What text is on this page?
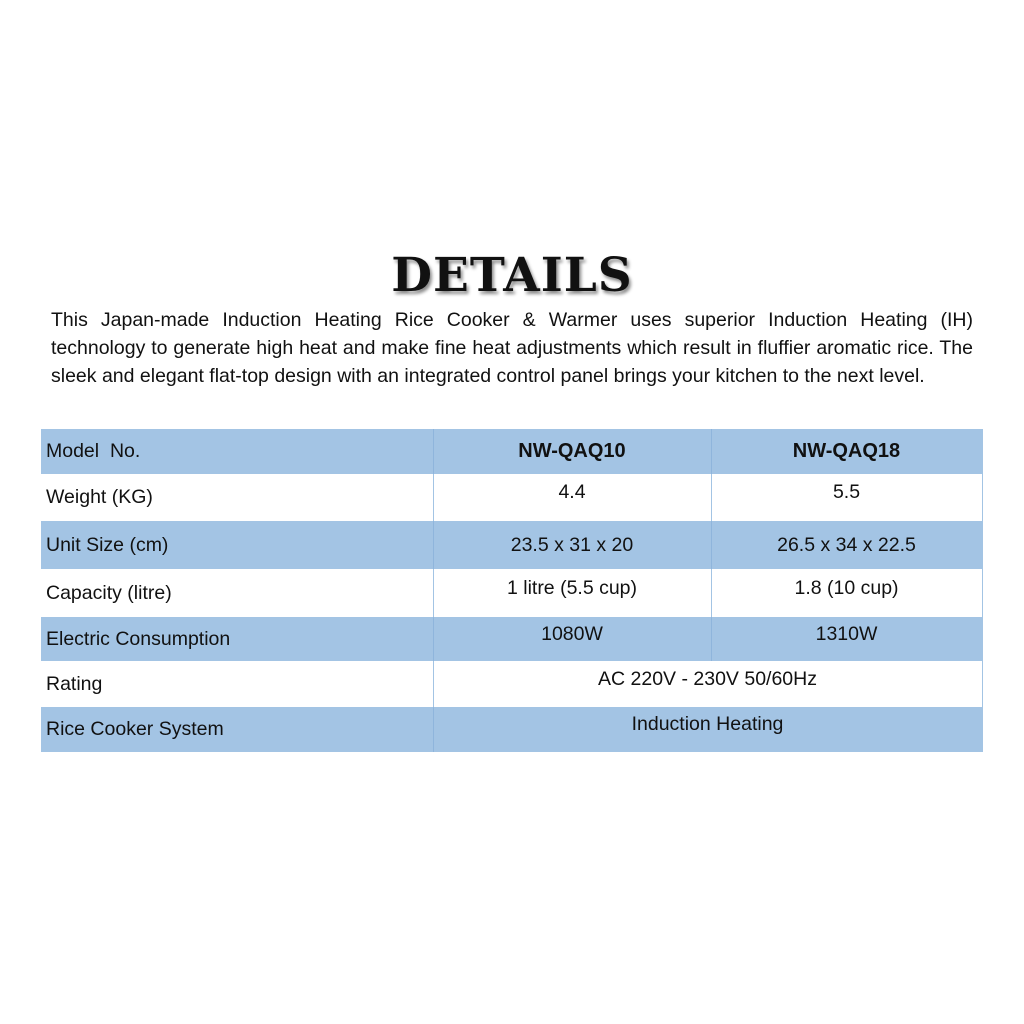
DETAILS
This Japan-made Induction Heating Rice Cooker & Warmer uses superior Induction Heating (IH) technology to generate high heat and make fine heat adjustments which result in fluffier aromatic rice. The sleek and elegant flat-top design with an integrated control panel brings your kitchen to the next level.
Model  No.	NW-QAQ10	NW-QAQ18
Weight (KG)	4.4	5.5
Unit Size (cm)	23.5 x 31 x 20	26.5 x 34 x 22.5
Capacity (litre)	1 litre (5.5 cup)	1.8 (10 cup)
Electric Consumption	1080W	1310W
Rating	AC 220V - 230V 50/60Hz	
Rice Cooker System	Induction Heating	
